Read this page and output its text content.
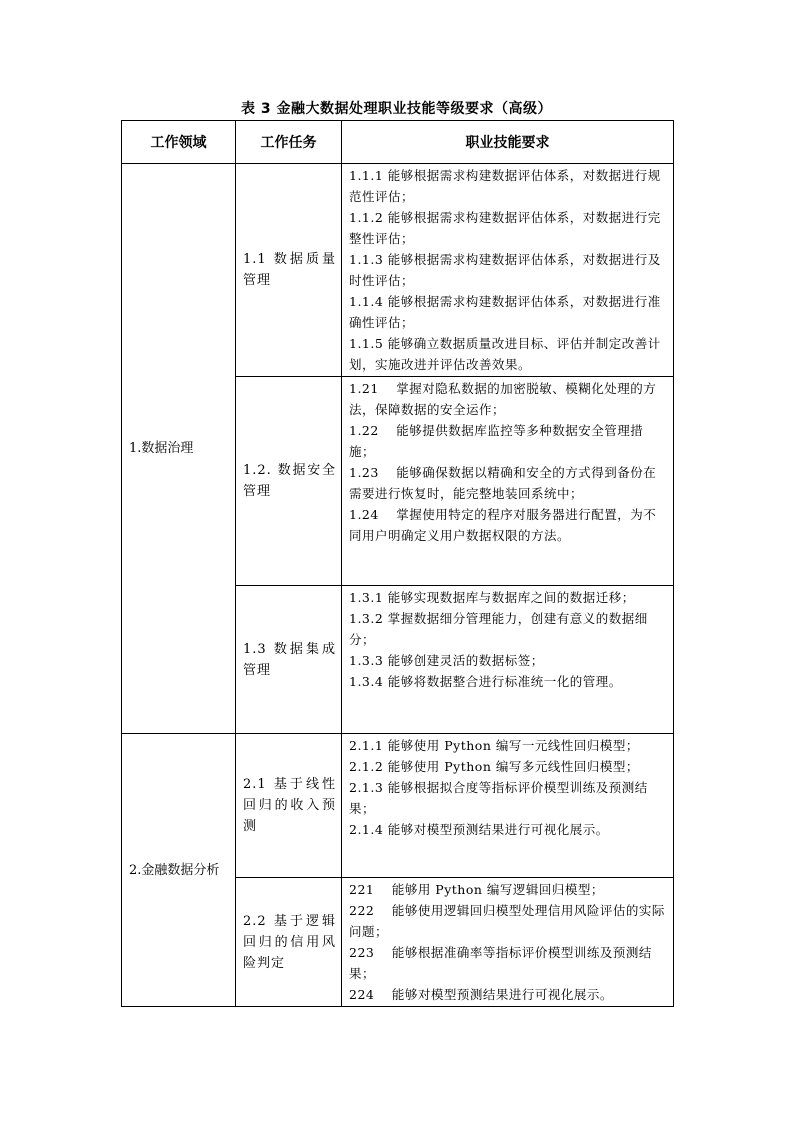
表 3 金融大数据处理职业技能等级要求（高级）
工作领域	工作任务	职业技能要求
1.数据治理	1.1 数据质量管理	1.1.1 能够根据需求构建数据评估体系，对数据进行规范性评估；
1.1.2 能够根据需求构建数据评估体系，对数据进行完整性评估；
1.1.3 能够根据需求构建数据评估体系，对数据进行及时性评估；
1.1.4 能够根据需求构建数据评估体系，对数据进行准确性评估；
1.1.5 能够确立数据质量改进目标、评估并制定改善计划，实施改进并评估改善效果。

	1.2. 数据安全管理	1.21　 掌握对隐私数据的加密脱敏、模糊化处理的方法，保障数据的安全运作；
1.22　 能够提供数据库监控等多种数据安全管理措施；
1.23　 能够确保数据以精确和安全的方式得到备份在需要进行恢复时，能完整地装回系统中；
1.24　 掌握使用特定的程序对服务器进行配置，为不同用户明确定义用户数据权限的方法。

	1.3 数据集成管理	1.3.1 能够实现数据库与数据库之间的数据迁移；
1.3.2 掌握数据细分管理能力，创建有意义的数据细分；
1.3.3 能够创建灵活的数据标签；
1.3.4 能够将数据整合进行标准统一化的管理。

2.金融数据分析	2.1 基于线性回归的收入预测	2.1.1 能够使用 Python 编写一元线性回归模型；
2.1.2 能够使用 Python 编写多元线性回归模型；
2.1.3 能够根据拟合度等指标评价模型训练及预测结果；
2.1.4 能够对模型预测结果进行可视化展示。

	2.2 基于逻辑回归的信用风险判定	221　 能够用 Python 编写逻辑回归模型；
222　 能够使用逻辑回归模型处理信用风险评估的实际问题；
223　 能够根据准确率等指标评价模型训练及预测结果；
224　 能够对模型预测结果进行可视化展示。
